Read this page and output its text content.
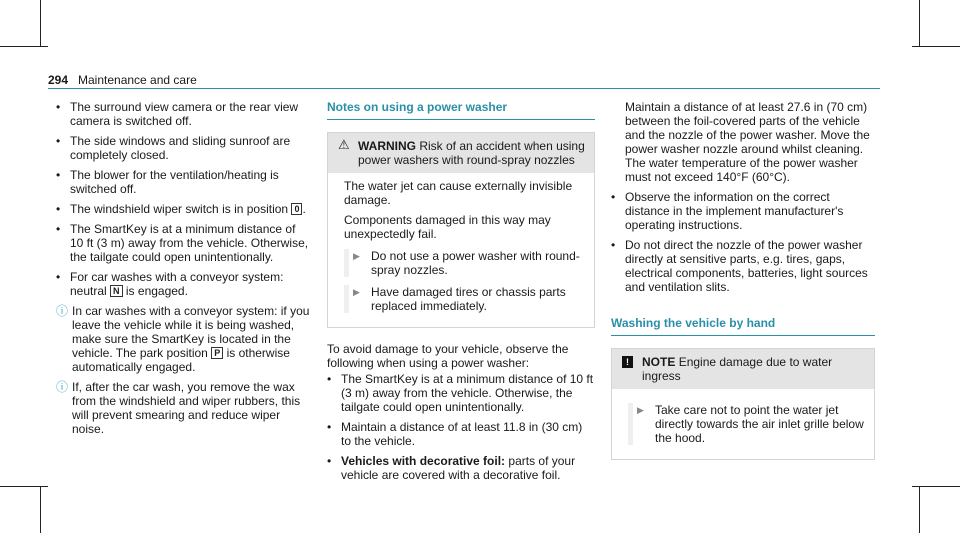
294 Maintenance and care
• The surround view camera or the rear view camera is switched off.
• The side windows and sliding sunroof are completely closed.
• The blower for the ventilation/heating is switched off.
• The windshield wiper switch is in position 0 .
• The SmartKey is at a minimum distance of 10 ft (3 m) away from the vehicle. Otherwise, the tailgate could open unintentionally.
• For car washes with a conveyor system: neutral N is engaged.
ⓘ In car washes with a conveyor system: if you leave the vehicle while it is being washed, make sure the SmartKey is located in the vehicle. The park position P is otherwise automatically engaged.
ⓘ If, after the car wash, you remove the wax from the windshield and wiper rubbers, this will prevent smearing and reduce wiper noise.
Notes on using a power washer
⚠ WARNING Risk of an accident when using power washers with round-spray nozzles

The water jet can cause externally invisible damage.

Components damaged in this way may unexpectedly fail.

▶ Do not use a power washer with round-spray nozzles.
▶ Have damaged tires or chassis parts replaced immediately.

To avoid damage to your vehicle, observe the following when using a power washer:

• The SmartKey is at a minimum distance of 10 ft (3 m) away from the vehicle. Otherwise, the tailgate could open unintentionally.
• Maintain a distance of at least 11.8 in (30 cm) to the vehicle.
• Vehicles with decorative foil: parts of your vehicle are covered with a decorative foil.

Maintain a distance of at least 27.6 in (70 cm) between the foil-covered parts of the vehicle and the nozzle of the power washer. Move the power washer nozzle around whilst cleaning. The water temperature of the power washer must not exceed 140°F (60°C).

• Observe the information on the correct distance in the implement manufacturer's operating instructions.
• Do not direct the nozzle of the power washer directly at sensitive parts, e.g. tires, gaps, electrical components, batteries, light sources and ventilation slits.
Washing the vehicle by hand
!	NOTE Engine damage due to water ingress
▶ Take care not to point the water jet directly towards the air inlet grille below the hood.
